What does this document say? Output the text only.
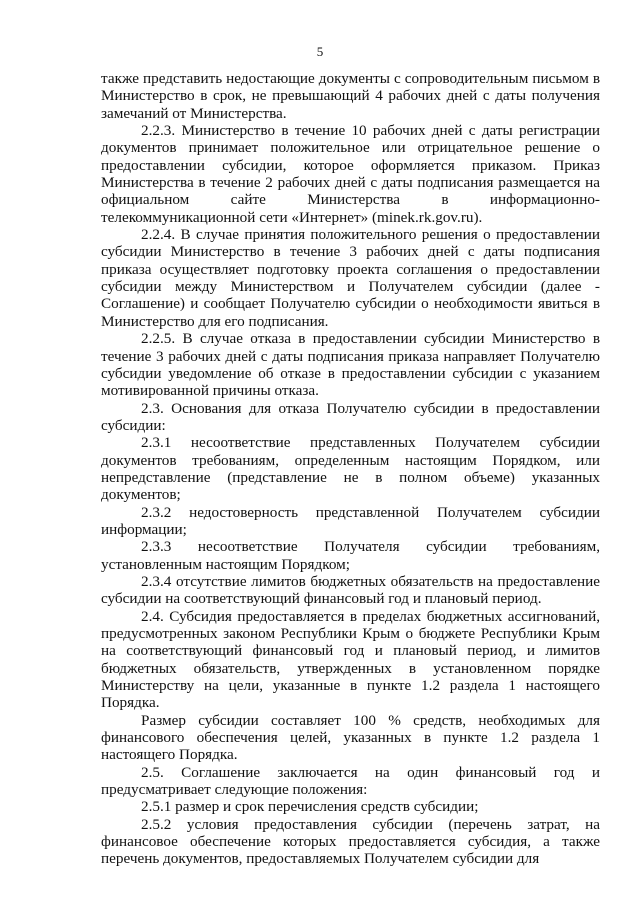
5

также представить недостающие документы с сопроводительным письмом в Министерство в срок, не превышающий 4 рабочих дней с даты получения замечаний от Министерства.

2.2.3. Министерство в течение 10 рабочих дней с даты регистрации документов принимает положительное или отрицательное решение о предоставлении субсидии, которое оформляется приказом. Приказ Министерства в течение 2 рабочих дней с даты подписания размещается на официальном сайте Министерства в информационно-телекоммуникационной сети «Интернет» (minek.rk.gov.ru).

2.2.4. В случае принятия положительного решения о предоставлении субсидии Министерство в течение 3 рабочих дней с даты подписания приказа осуществляет подготовку проекта соглашения о предоставлении субсидии между Министерством и Получателем субсидии (далее - Соглашение) и сообщает Получателю субсидии о необходимости явиться в Министерство для его подписания.

2.2.5. В случае отказа в предоставлении субсидии Министерство в течение 3 рабочих дней с даты подписания приказа направляет Получателю субсидии уведомление об отказе в предоставлении субсидии с указанием мотивированной причины отказа.

2.3. Основания для отказа Получателю субсидии в предоставлении субсидии:

2.3.1 несоответствие представленных Получателем субсидии документов требованиям, определенным настоящим Порядком, или непредставление (представление не в полном объеме) указанных документов;

2.3.2 недостоверность представленной Получателем субсидии информации;

2.3.3 несоответствие Получателя субсидии требованиям, установленным настоящим Порядком;

2.3.4 отсутствие лимитов бюджетных обязательств на предоставление субсидии на соответствующий финансовый год и плановый период.

2.4. Субсидия предоставляется в пределах бюджетных ассигнований, предусмотренных законом Республики Крым о бюджете Республики Крым на соответствующий финансовый год и плановый период, и лимитов бюджетных обязательств, утвержденных в установленном порядке Министерству на цели, указанные в пункте 1.2 раздела 1 настоящего Порядка.

Размер субсидии составляет 100 % средств, необходимых для финансового обеспечения целей, указанных в пункте 1.2 раздела 1 настоящего Порядка.

2.5. Соглашение заключается на один финансовый год и предусматривает следующие положения:

2.5.1 размер и срок перечисления средств субсидии;

2.5.2 условия предоставления субсидии (перечень затрат, на финансовое обеспечение которых предоставляется субсидия, а также перечень документов, предоставляемых Получателем субсидии для
